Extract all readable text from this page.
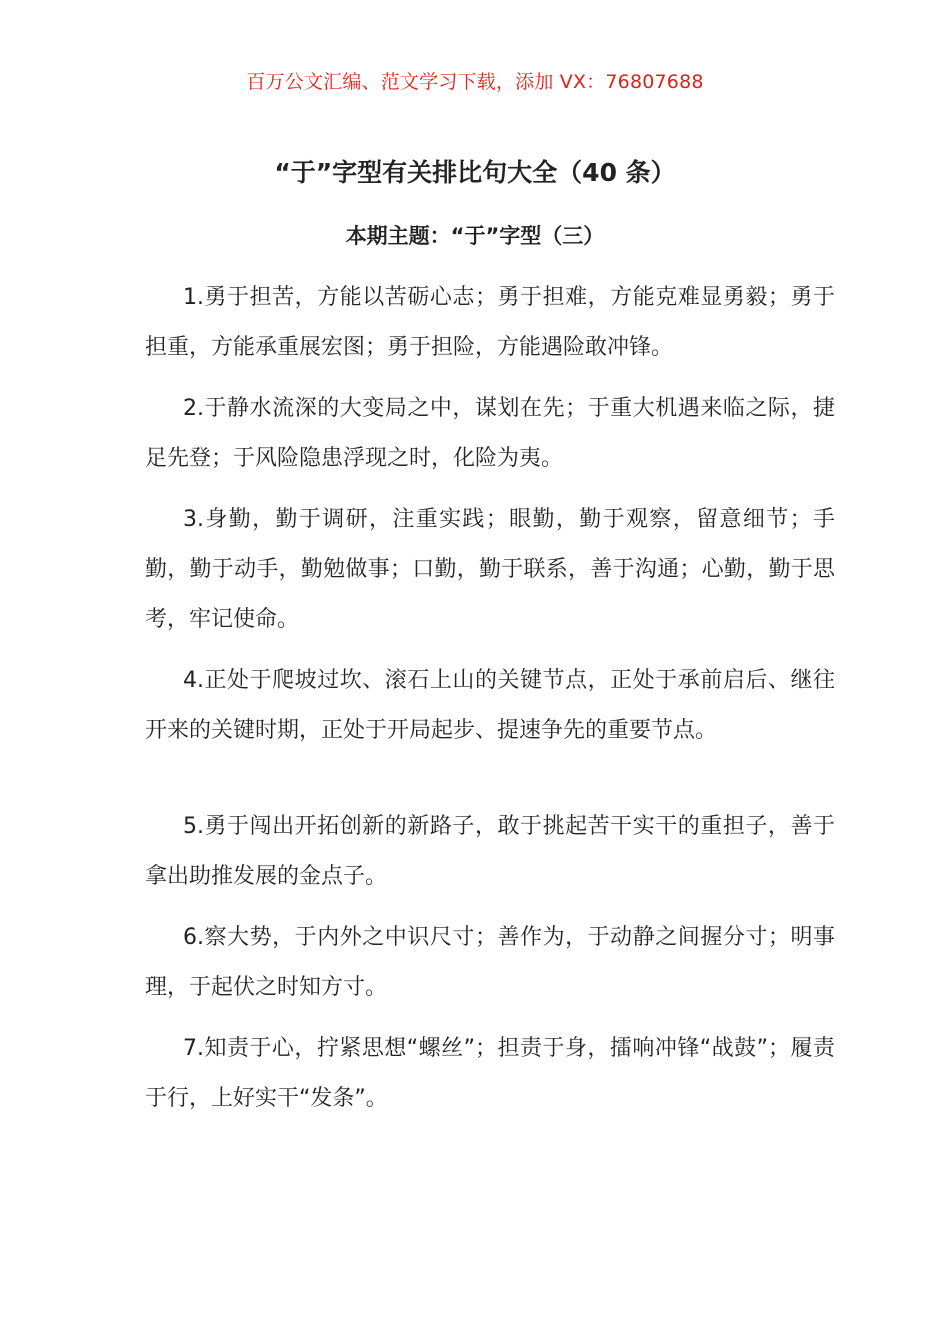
百万公文汇编、范文学习下载，添加 VX：76807688
“于”字型有关排比句大全（40 条）
本期主题：“于”字型（三）

1.勇于担苦，方能以苦砺心志；勇于担难，方能克难显勇毅；勇于担重，方能承重展宏图；勇于担险，方能遇险敢冲锋。

2.于静水流深的大变局之中，谋划在先；于重大机遇来临之际，捷足先登；于风险隐患浮现之时，化险为夷。

3.身勤，勤于调研，注重实践；眼勤，勤于观察，留意细节；手勤，勤于动手，勤勉做事；口勤，勤于联系，善于沟通；心勤，勤于思考，牢记使命。

4.正处于爬坡过坎、滚石上山的关键节点，正处于承前启后、继往开来的关键时期，正处于开局起步、提速争先的重要节点。

5.勇于闯出开拓创新的新路子，敢于挑起苦干实干的重担子，善于拿出助推发展的金点子。

6.察大势，于内外之中识尺寸；善作为，于动静之间握分寸；明事理，于起伏之时知方寸。

7.知责于心，拧紧思想“螺丝”；担责于身，擂响冲锋“战鼓”；履责于行，上好实干“发条”。
